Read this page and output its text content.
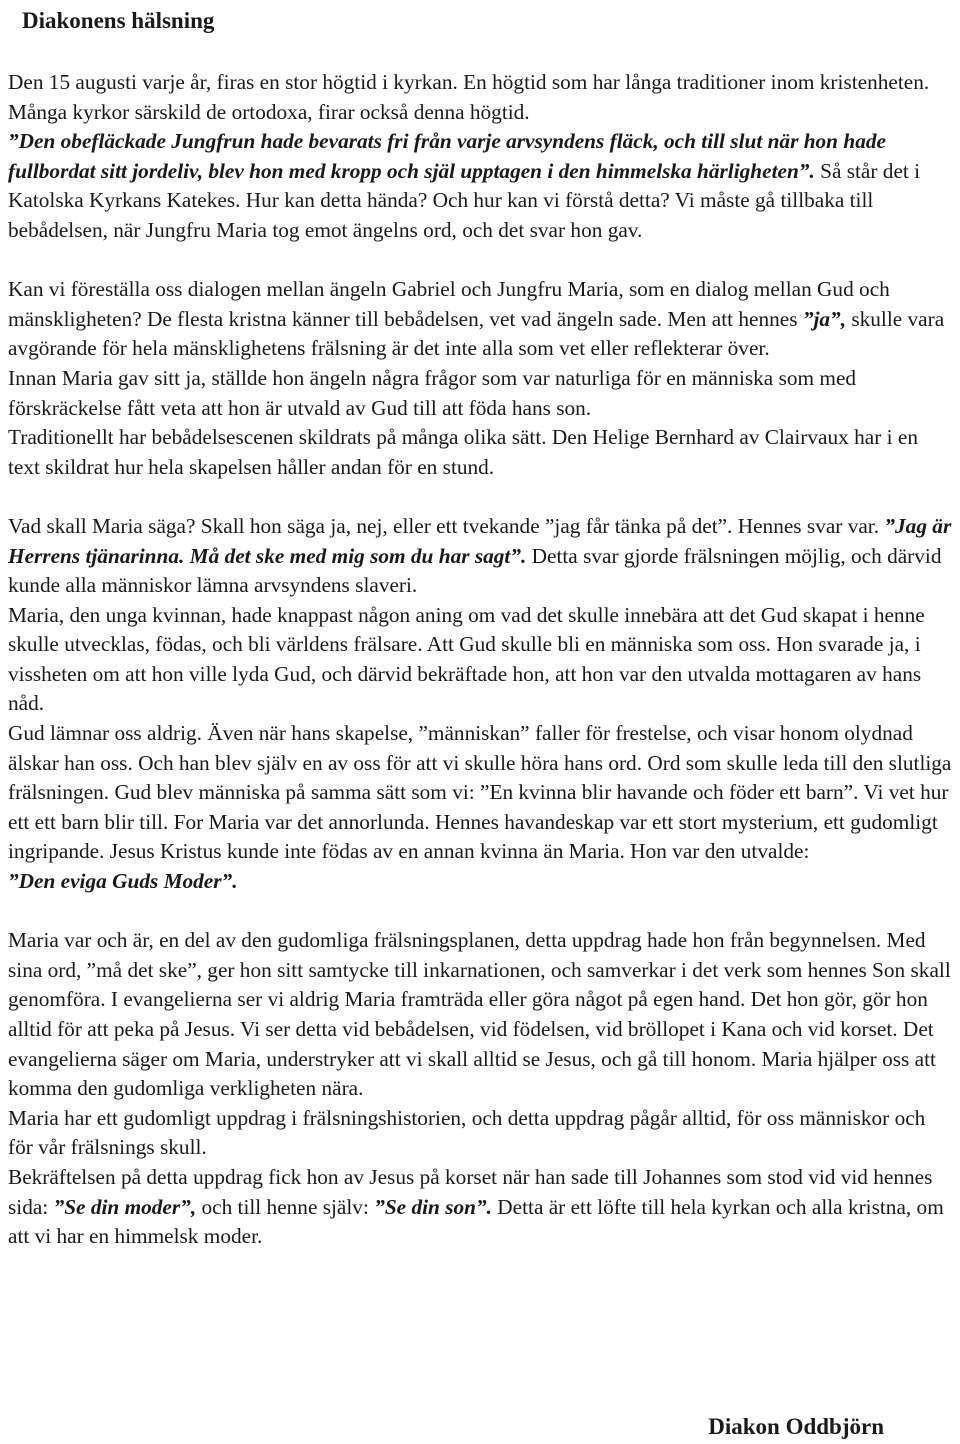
Diakonens hälsning

Den 15 augusti varje år, firas en stor högtid i kyrkan. En högtid som har långa traditioner inom kristenheten. Många kyrkor särskild de ortodoxa, firar också denna högtid.
”Den obefläckade Jungfrun hade bevarats fri från varje arvsyndens fläck, och till slut när hon hade fullbordat sitt jordeliv, blev hon med kropp och själ upptagen i den himmelska härligheten”. Så står det i Katolska Kyrkans Katekes. Hur kan detta hända? Och hur kan vi förstå detta? Vi måste gå tillbaka till bebådelsen, när Jungfru Maria tog emot ängelns ord, och det svar hon gav.

Kan vi föreställa oss dialogen mellan ängeln Gabriel och Jungfru Maria, som en dialog mellan Gud och mänskligheten? De flesta kristna känner till bebådelsen, vet vad ängeln sade. Men att hennes ”ja”, skulle vara avgörande för hela mänsklighetens frälsning är det inte alla som vet eller reflekterar över.

Innan Maria gav sitt ja, ställde hon ängeln några frågor som var naturliga för en människa som med förskräckelse fått veta att hon är utvald av Gud till att föda hans son.

Traditionellt har bebådelsescenen skildrats på många olika sätt. Den Helige Bernhard av Clairvaux har i en text skildrat hur hela skapelsen håller andan för en stund.

Vad skall Maria säga? Skall hon säga ja, nej, eller ett tvekande ”jag får tänka på det”. Hennes svar var. ”Jag är Herrens tjänarinna. Må det ske med mig som du har sagt”. Detta svar gjorde frälsningen möjlig, och därvid kunde alla människor lämna arvsyndens slaveri.

Maria, den unga kvinnan, hade knappast någon aning om vad det skulle innebära att det Gud skapat i henne skulle utvecklas, födas, och bli världens frälsare. Att Gud skulle bli en människa som oss. Hon svarade ja, i vissheten om att hon ville lyda Gud, och därvid bekräftade hon, att hon var den utvalda mottagaren av hans nåd.

Gud lämnar oss aldrig. Även när hans skapelse, ”människan” faller för frestelse, och visar honom olydnad älskar han oss. Och han blev själv en av oss för att vi skulle höra hans ord. Ord som skulle leda till den slutliga frälsningen. Gud blev människa på samma sätt som vi: ”En kvinna blir havande och föder ett barn”. Vi vet hur ett ett barn blir till. For Maria var det annorlunda. Hennes havandeskap var ett stort mysterium, ett gudomligt ingripande. Jesus Kristus kunde inte födas av en annan kvinna än Maria. Hon var den utvalde:
”Den eviga Guds Moder”.

Maria var och är, en del av den gudomliga frälsningsplanen, detta uppdrag hade hon från begynnelsen. Med sina ord, ”må det ske”, ger hon sitt samtycke till inkarnationen, och samverkar i det verk som hennes Son skall genomföra. I evangelierna ser vi aldrig Maria framträda eller göra något på egen hand. Det hon gör, gör hon alltid för att peka på Jesus. Vi ser detta vid bebådelsen, vid födelsen, vid bröllopet i Kana och vid korset. Det evangelierna säger om Maria, understryker att vi skall alltid se Jesus, och gå till honom. Maria hjälper oss att komma den gudomliga verkligheten nära.

Maria har ett gudomligt uppdrag i frälsningshistorien, och detta uppdrag pågår alltid, för oss människor och för vår frälsnings skull.

Bekräftelsen på detta uppdrag fick hon av Jesus på korset när han sade till Johannes som stod vid vid hennes sida: ”Se din moder”, och till henne själv: ”Se din son”. Detta är ett löfte till hela kyrkan och alla kristna, om att vi har en himmelsk moder.

Diakon Oddbjörn
